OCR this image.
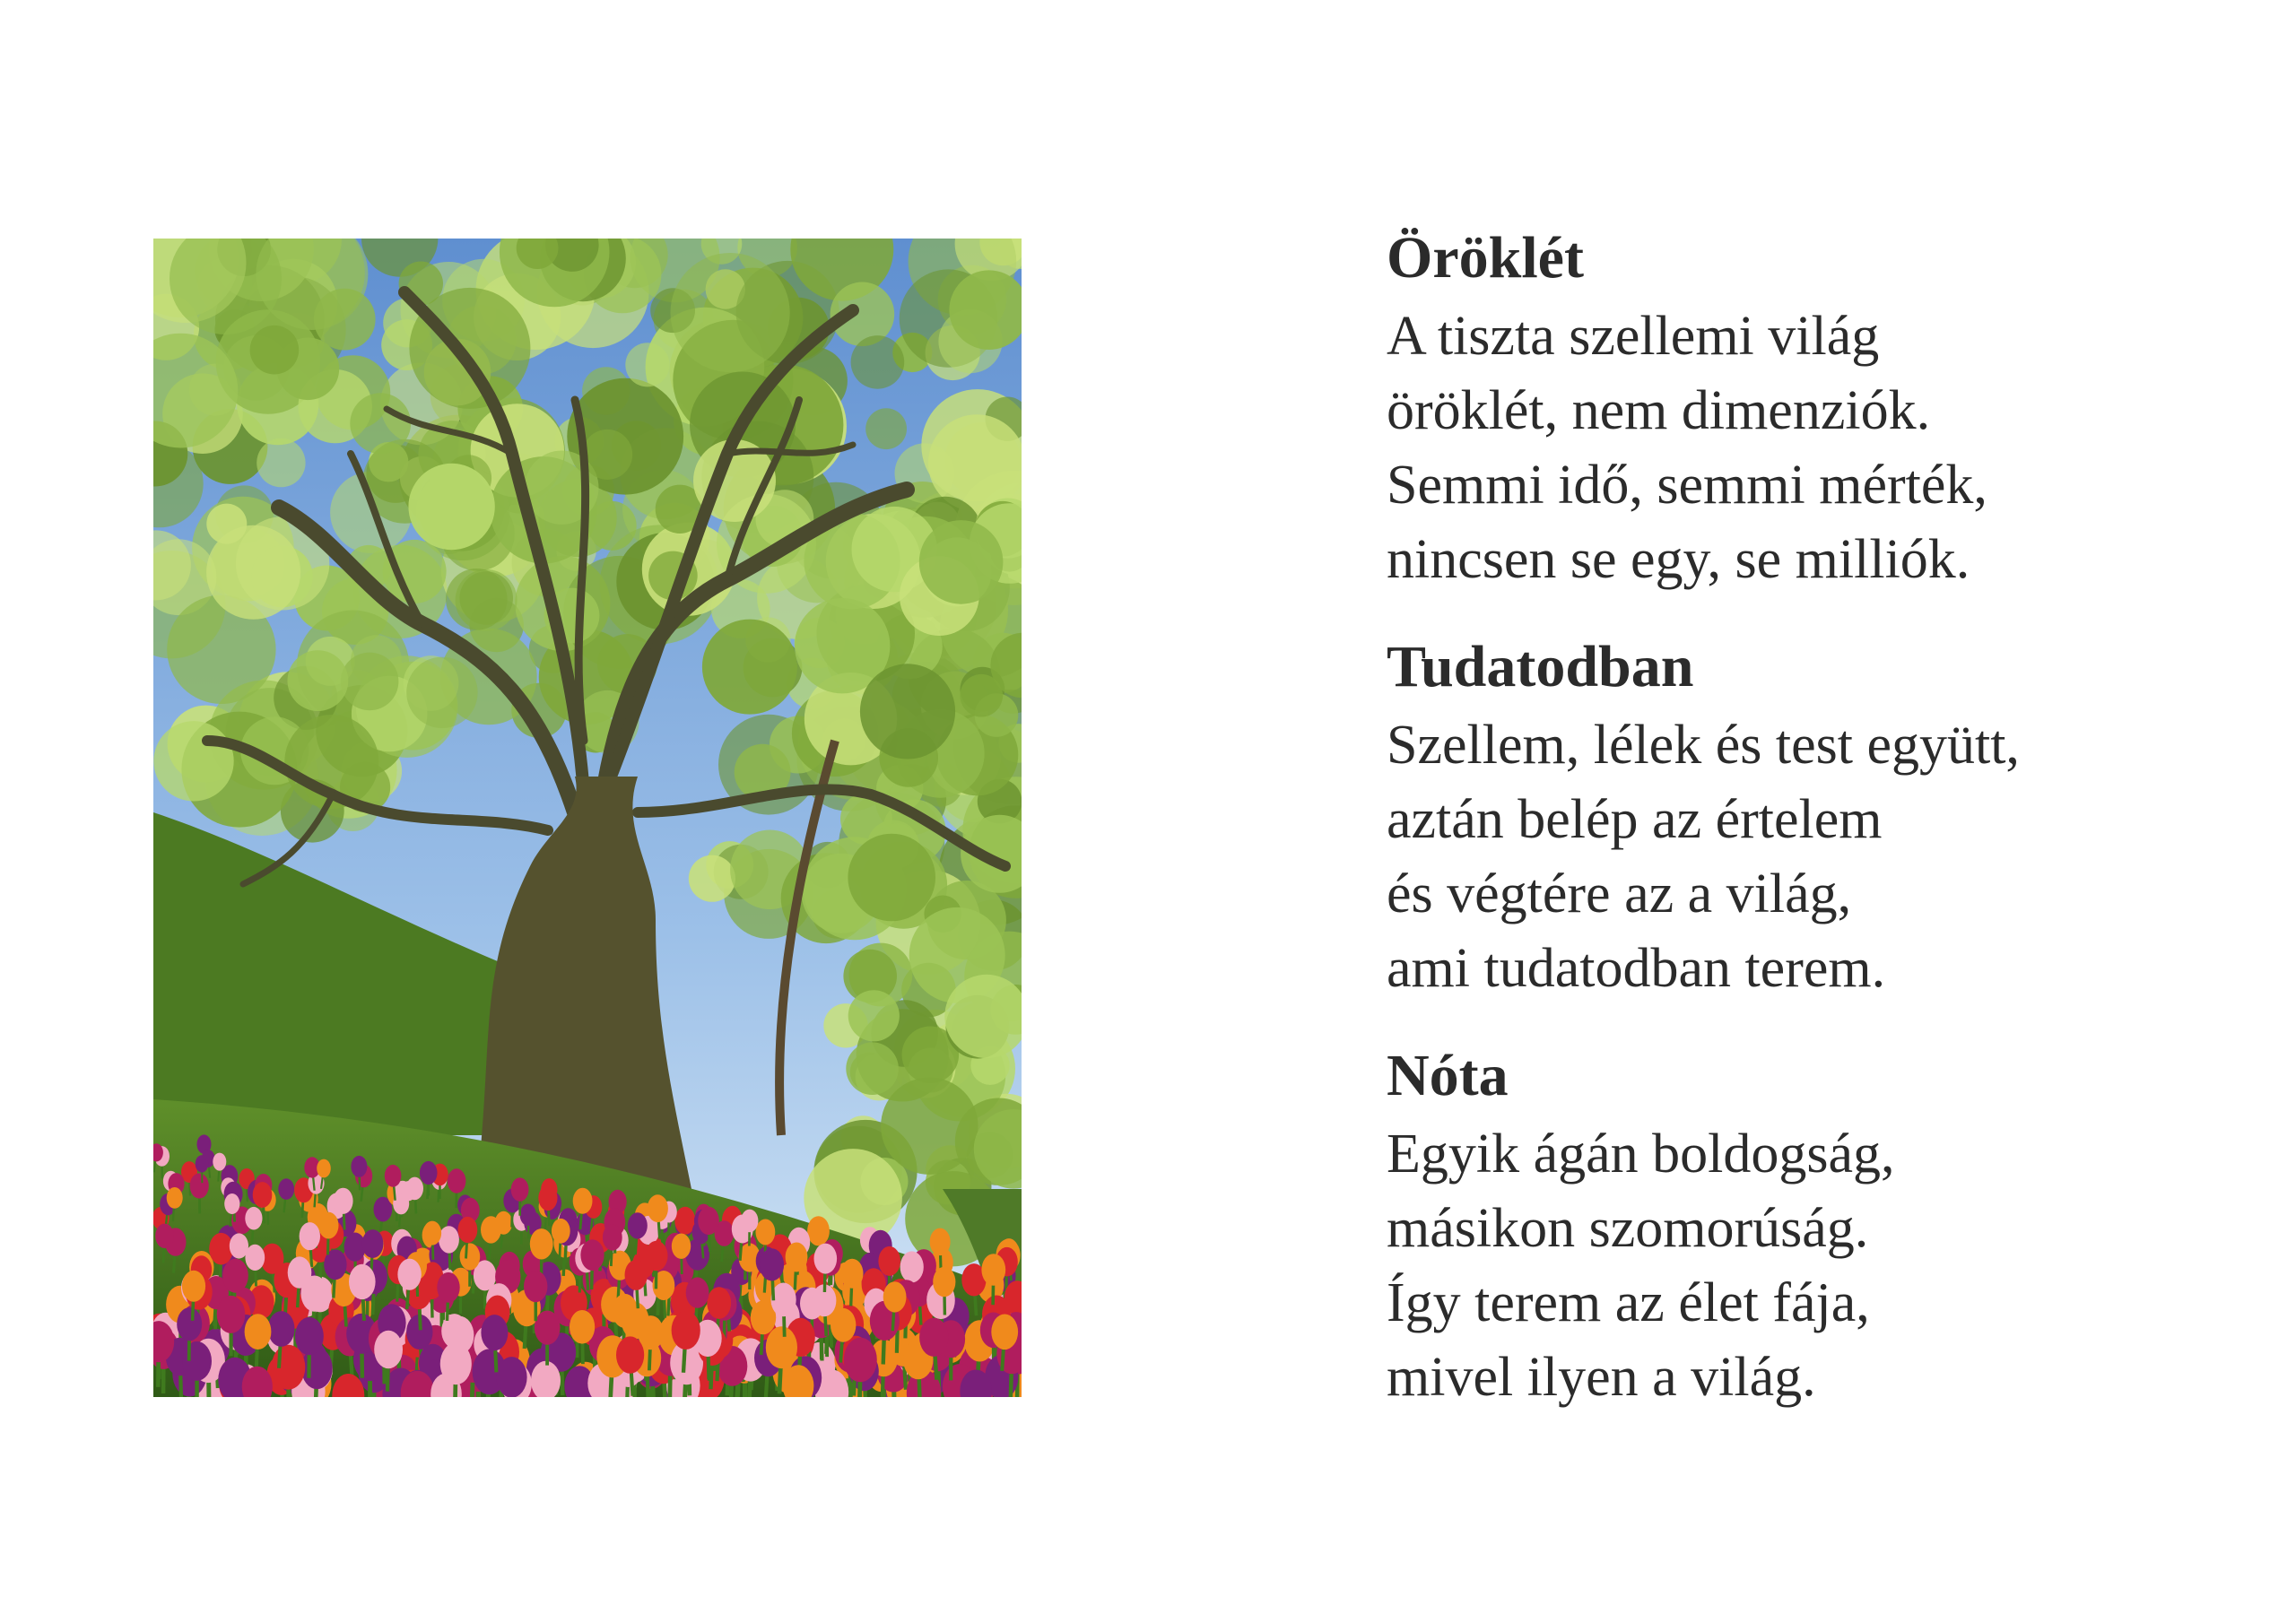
Öröklét
A tiszta szellemi világ
öröklét, nem dimenziók.
Semmi idő, semmi mérték,
nincsen se egy, se milliók.
Tudatodban
Szellem, lélek és test együtt,
aztán belép az értelem
és végtére az a világ,
ami tudatodban terem.
Nóta
Egyik ágán boldogság,
másikon szomorúság.
Így terem az élet fája,
mivel ilyen a világ.
